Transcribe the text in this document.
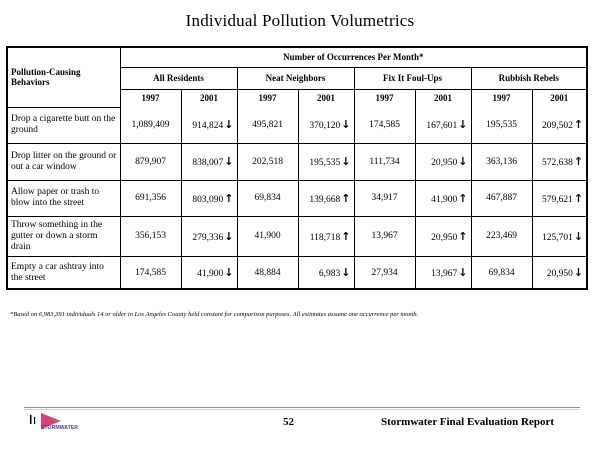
Individual Pollution Volumetrics
Pollution-Causing Behaviors	Number of Occurrences Per Month*							
	All Residents		Neat Neighbors		Fix It Foul-Ups		Rubbish Rebels	
	1997	2001	1997	2001	1997	2001	1997	2001
Drop a cigarette butt on the ground	1,089,409	914,824↓	495,821	370,120↓	174,585	167,601↓	195,535	209,502↑
Drop litter on the ground or out a car window	879,907	838,007↓	202,518	195,535↓	111,734	20,950↓	363,136	572,638↑
Allow paper or trash to blow into the street	691,356	803,090↑	69,834	139,668↑	34,917	41,900↑	467,887	579,621↑
Throw something in the gutter or down a storm drain	356,153	279,336↓	41,900	118,718↑	13,967	20,950↑	223,469	125,701↓
Empty a car ashtray into the street	174,585	41,900↓	48,884	6,983↓	27,934	13,967↓	69,834	20,950↓
*Based on 6,983,391 individuals 14 or older in Los Angeles County held constant for comparison purposes. All estimates assume one occurrence per month.
STORMWATER	52	Stormwater Final Evaluation Report
